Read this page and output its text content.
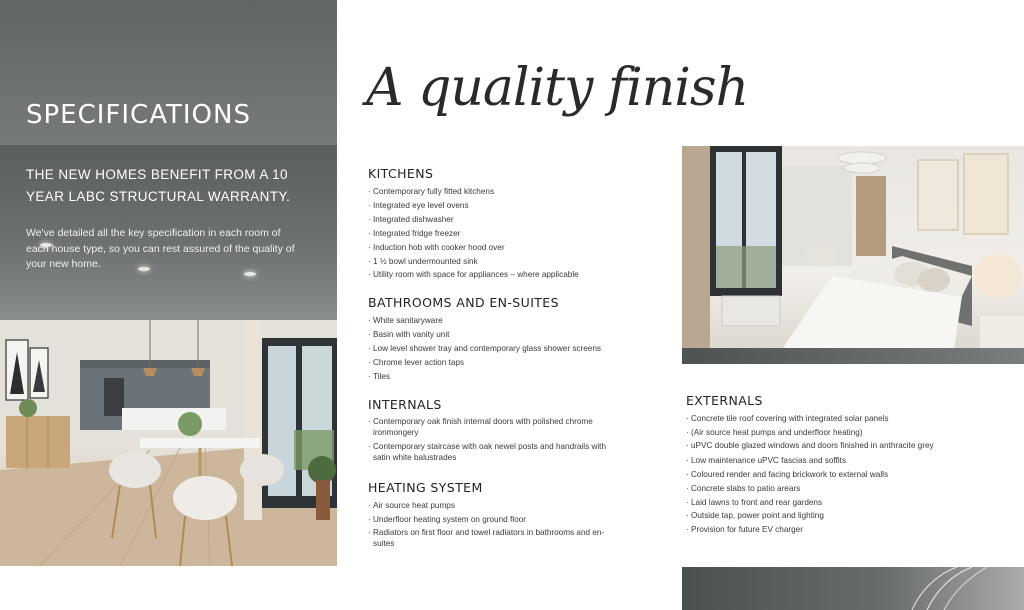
SPECIFICATIONS
THE NEW HOMES BENEFIT FROM A 10 YEAR LABC STRUCTURAL WARRANTY.
We've detailed all the key specification in each room of each house type, so you can rest assured of the quality of your new home.
A quality finish
KITCHENS
· Contemporary fully fitted kitchens
· Integrated eye level ovens
· Integrated dishwasher
· Integrated fridge freezer
· Induction hob with cooker hood over
· 1 ½ bowl undermounted sink
· Utility room with space for appliances – where applicable
BATHROOMS AND EN-SUITES
· White sanitaryware
· Basin with vanity unit
· Low level shower tray and contemporary glass shower screens
· Chrome lever action taps
· Tiles
INTERNALS
· Contemporary oak finish internal doors with polished chrome ironmongery
· Contemporary staircase with oak newel posts and handrails with satin white balustrades
HEATING SYSTEM
· Air source heat pumps
· Underfloor heating system on ground floor
· Radiators on first floor and towel radiators in bathrooms and en-suites
EXTERNALS
· Concrete tile roof covering with integrated solar panels
· (Air source heat pumps and underfloor heating)
· uPVC double glazed windows and doors finished in anthracite grey
· Low maintenance uPVC fascias and soffits
· Coloured render and facing brickwork to external walls
· Concrete slabs to patio arears
· Laid lawns to front and rear gardens
· Outside tap, power point and lighting
· Provision for future EV charger
